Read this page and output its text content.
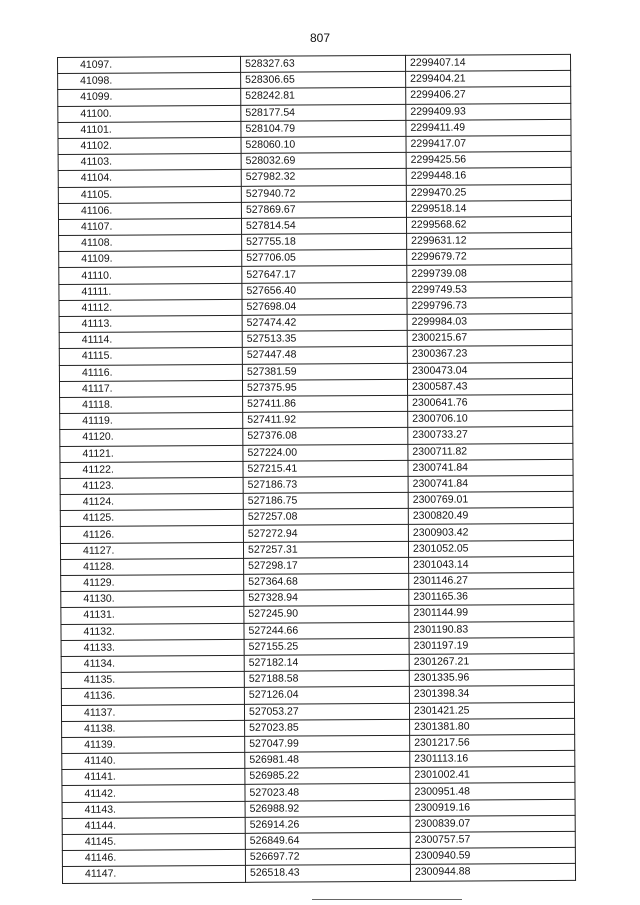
807
41097.	528327.63	2299407.14
41098.	528306.65	2299404.21
41099.	528242.81	2299406.27
41100.	528177.54	2299409.93
41101.	528104.79	2299411.49
41102.	528060.10	2299417.07
41103.	528032.69	2299425.56
41104.	527982.32	2299448.16
41105.	527940.72	2299470.25
41106.	527869.67	2299518.14
41107.	527814.54	2299568.62
41108.	527755.18	2299631.12
41109.	527706.05	2299679.72
41110.	527647.17	2299739.08
41111.	527656.40	2299749.53
41112.	527698.04	2299796.73
41113.	527474.42	2299984.03
41114.	527513.35	2300215.67
41115.	527447.48	2300367.23
41116.	527381.59	2300473.04
41117.	527375.95	2300587.43
41118.	527411.86	2300641.76
41119.	527411.92	2300706.10
41120.	527376.08	2300733.27
41121.	527224.00	2300711.82
41122.	527215.41	2300741.84
41123.	527186.73	2300741.84
41124.	527186.75	2300769.01
41125.	527257.08	2300820.49
41126.	527272.94	2300903.42
41127.	527257.31	2301052.05
41128.	527298.17	2301043.14
41129.	527364.68	2301146.27
41130.	527328.94	2301165.36
41131.	527245.90	2301144.99
41132.	527244.66	2301190.83
41133.	527155.25	2301197.19
41134.	527182.14	2301267.21
41135.	527188.58	2301335.96
41136.	527126.04	2301398.34
41137.	527053.27	2301421.25
41138.	527023.85	2301381.80
41139.	527047.99	2301217.56
41140.	526981.48	2301113.16
41141.	526985.22	2301002.41
41142.	527023.48	2300951.48
41143.	526988.92	2300919.16
41144.	526914.26	2300839.07
41145.	526849.64	2300757.57
41146.	526697.72	2300940.59
41147.	526518.43	2300944.88
